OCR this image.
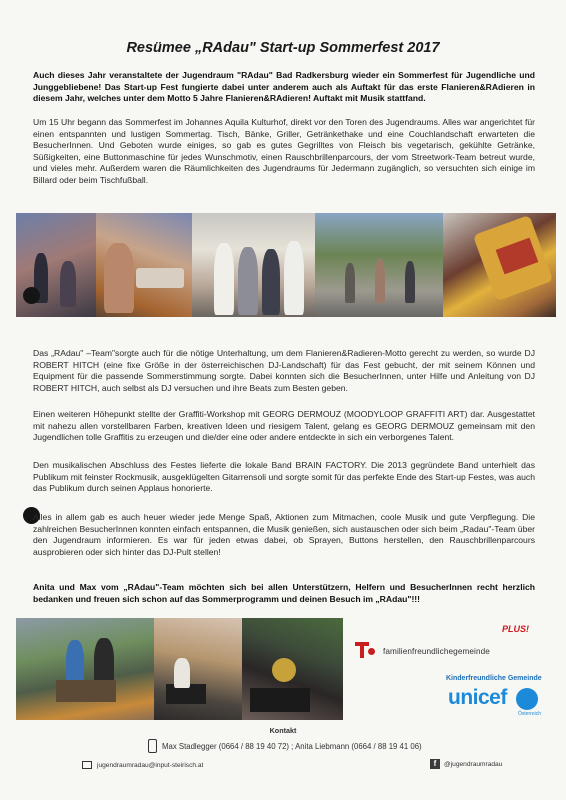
Resümee „RAdau" Start-up Sommerfest 2017
Auch dieses Jahr veranstaltete der Jugendraum "RAdau" Bad Radkersburg wieder ein Sommerfest für Jugendliche und Junggebliebene! Das Start-up Fest fungierte dabei unter anderem auch als Auftakt für das erste Flanieren&RAdieren in diesem Jahr, welches unter dem Motto 5 Jahre Flanieren&RAdieren! Auftakt mit Musik stattfand.
Um 15 Uhr begann das Sommerfest im Johannes Aquila Kulturhof, direkt vor den Toren des Jugendraums. Alles war angerichtet für einen entspannten und lustigen Sommertag. Tisch, Bänke, Griller, Getränkethake und eine Couchlandschaft erwarteten die BesucherInnen. Und Geboten wurde einiges, so gab es gutes Gegrilltes von Fleisch bis vegetarisch, gekühlte Getränke, Süßigkeiten, eine Buttonmaschine für jedes Wunschmotiv, einen Rauschbrillenparcours, der vom Streetwork-Team betreut wurde, und vieles mehr. Außerdem waren die Räumlichkeiten des Jugendraums für Jedermann zugänglich, so versuchten sich einige im Billard oder beim Tischfußball.
Das „RAdau" –Team"sorgte auch für die nötige Unterhaltung, um dem Flanieren&Radieren-Motto gerecht zu werden, so wurde DJ ROBERT HITCH (eine fixe Größe in der österreichischen DJ-Landschaft) für das Fest gebucht, der mit seinem Können und Equipment für die passende Sommerstimmung sorgte. Dabei konnten sich die BesucherInnen, unter Hilfe und Anleitung von DJ ROBERT HITCH, auch selbst als DJ versuchen und ihre Beats zum Besten geben.
Einen weiteren Höhepunkt stellte der Graffiti-Workshop mit GEORG DERMOUZ (MOODYLOOP GRAFFITI ART) dar. Ausgestattet mit nahezu allen vorstellbaren Farben, kreativen Ideen und riesigem Talent, gelang es GEORG DERMOUZ gemeinsam mit den Jugendlichen tolle Graffitis zu erzeugen und die/der eine oder andere entdeckte in sich ein verborgenes Talent.
Den musikalischen Abschluss des Festes lieferte die lokale Band BRAIN FACTORY. Die 2013 gegründete Band unterhielt das Publikum mit feinster Rockmusik, ausgeklügelten Gitarrensoli und sorgte somit für das perfekte Ende des Start-up Festes, was auch das Publikum durch seinen Applaus honorierte.
Alles in allem gab es auch heuer wieder jede Menge Spaß, Aktionen zum Mitmachen, coole Musik und gute Verpflegung. Die zahlreichen BesucherInnen konnten einfach entspannen, die Musik genießen, sich austauschen oder sich beim „Radau"-Team über den Jugendraum informieren. Es war für jeden etwas dabei, ob Sprayen, Buttons herstellen, den Rauschbrillenparcours ausprobieren oder sich hinter das DJ-Pult stellen!
Anita und Max vom „RAdau"-Team möchten sich bei allen Unterstützern, Helfern und BesucherInnen recht herzlich bedanken und freuen sich schon auf das Sommerprogramm und deinen Besuch im „RAdau"!!!
PLUS!
familienfreundlichegemeinde
Kinderfreundliche Gemeinde
unicef
Österreich
Kontakt
Max Stadlegger (0664 / 88 19 40 72) ; Anita Liebmann (0664 / 88 19 41 06)
jugendraumradau@input-steirisch.at	f	@jugendraumradau
